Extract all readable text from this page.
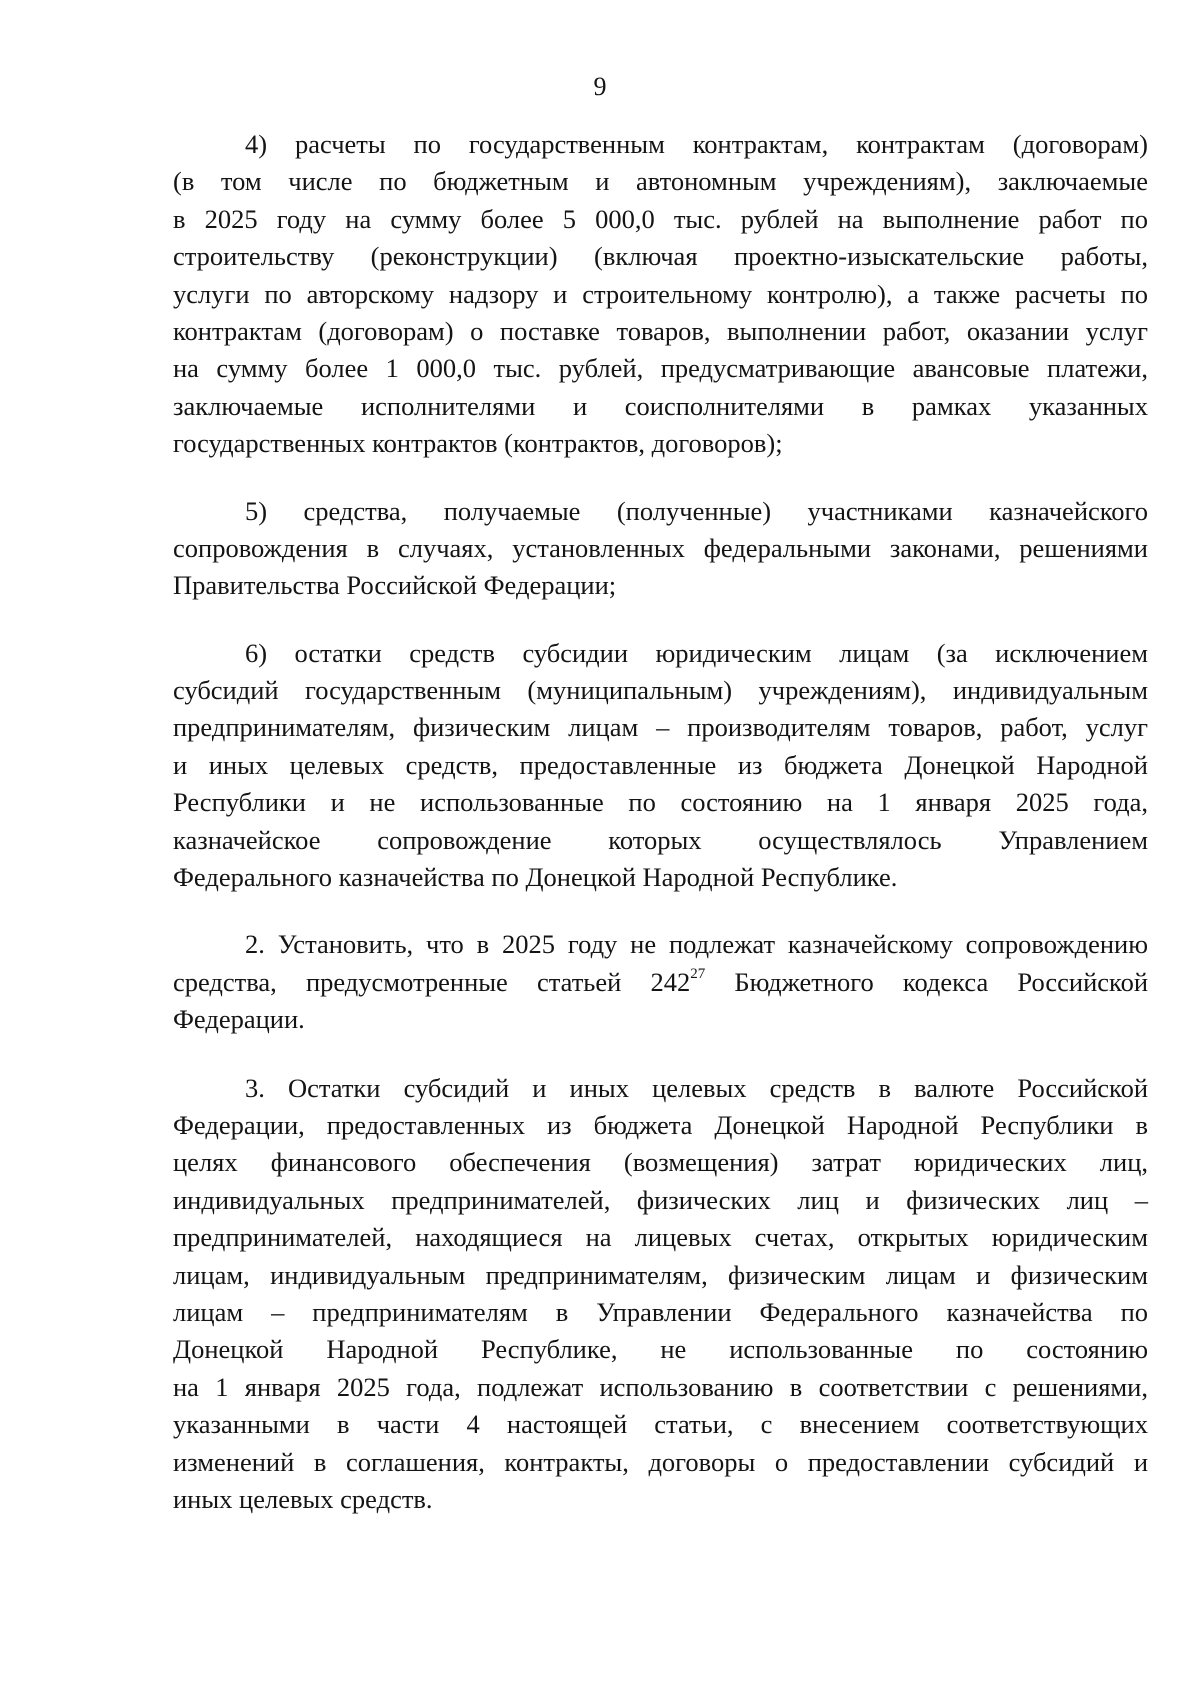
9
4) расчеты по государственным контрактам, контрактам (договорам)
(в том числе по бюджетным и автономным учреждениям), заключаемые
в 2025 году на сумму более 5 000,0 тыс. рублей на выполнение работ по
строительству (реконструкции) (включая проектно-изыскательские работы,
услуги по авторскому надзору и строительному контролю), а также расчеты по
контрактам (договорам) о поставке товаров, выполнении работ, оказании услуг
на сумму более 1 000,0 тыс. рублей, предусматривающие авансовые платежи,
заключаемые исполнителями и соисполнителями в рамках указанных
государственных контрактов (контрактов, договоров);
5) средства, получаемые (полученные) участниками казначейского
сопровождения в случаях, установленных федеральными законами, решениями
Правительства Российской Федерации;
6) остатки средств субсидии юридическим лицам (за исключением
субсидий государственным (муниципальным) учреждениям), индивидуальным
предпринимателям, физическим лицам – производителям товаров, работ, услуг
и иных целевых средств, предоставленные из бюджета Донецкой Народной
Республики и не использованные по состоянию на 1 января 2025 года,
казначейское сопровождение которых осуществлялось Управлением
Федерального казначейства по Донецкой Народной Республике.
2. Установить, что в 2025 году не подлежат казначейскому сопровождению
средства, предусмотренные статьей $242^{27}$ Бюджетного кодекса Российской
Федерации.
3. Остатки субсидий и иных целевых средств в валюте Российской
Федерации, предоставленных из бюджета Донецкой Народной Республики в
целях финансового обеспечения (возмещения) затрат юридических лиц,
индивидуальных предпринимателей, физических лиц и физических лиц –
предпринимателей, находящиеся на лицевых счетах, открытых юридическим
лицам, индивидуальным предпринимателям, физическим лицам и физическим
лицам – предпринимателям в Управлении Федерального казначейства по
Донецкой Народной Республике, не использованные по состоянию
на 1 января 2025 года, подлежат использованию в соответствии с решениями,
указанными в части 4 настоящей статьи, с внесением соответствующих
изменений в соглашения, контракты, договоры о предоставлении субсидий и
иных целевых средств.
